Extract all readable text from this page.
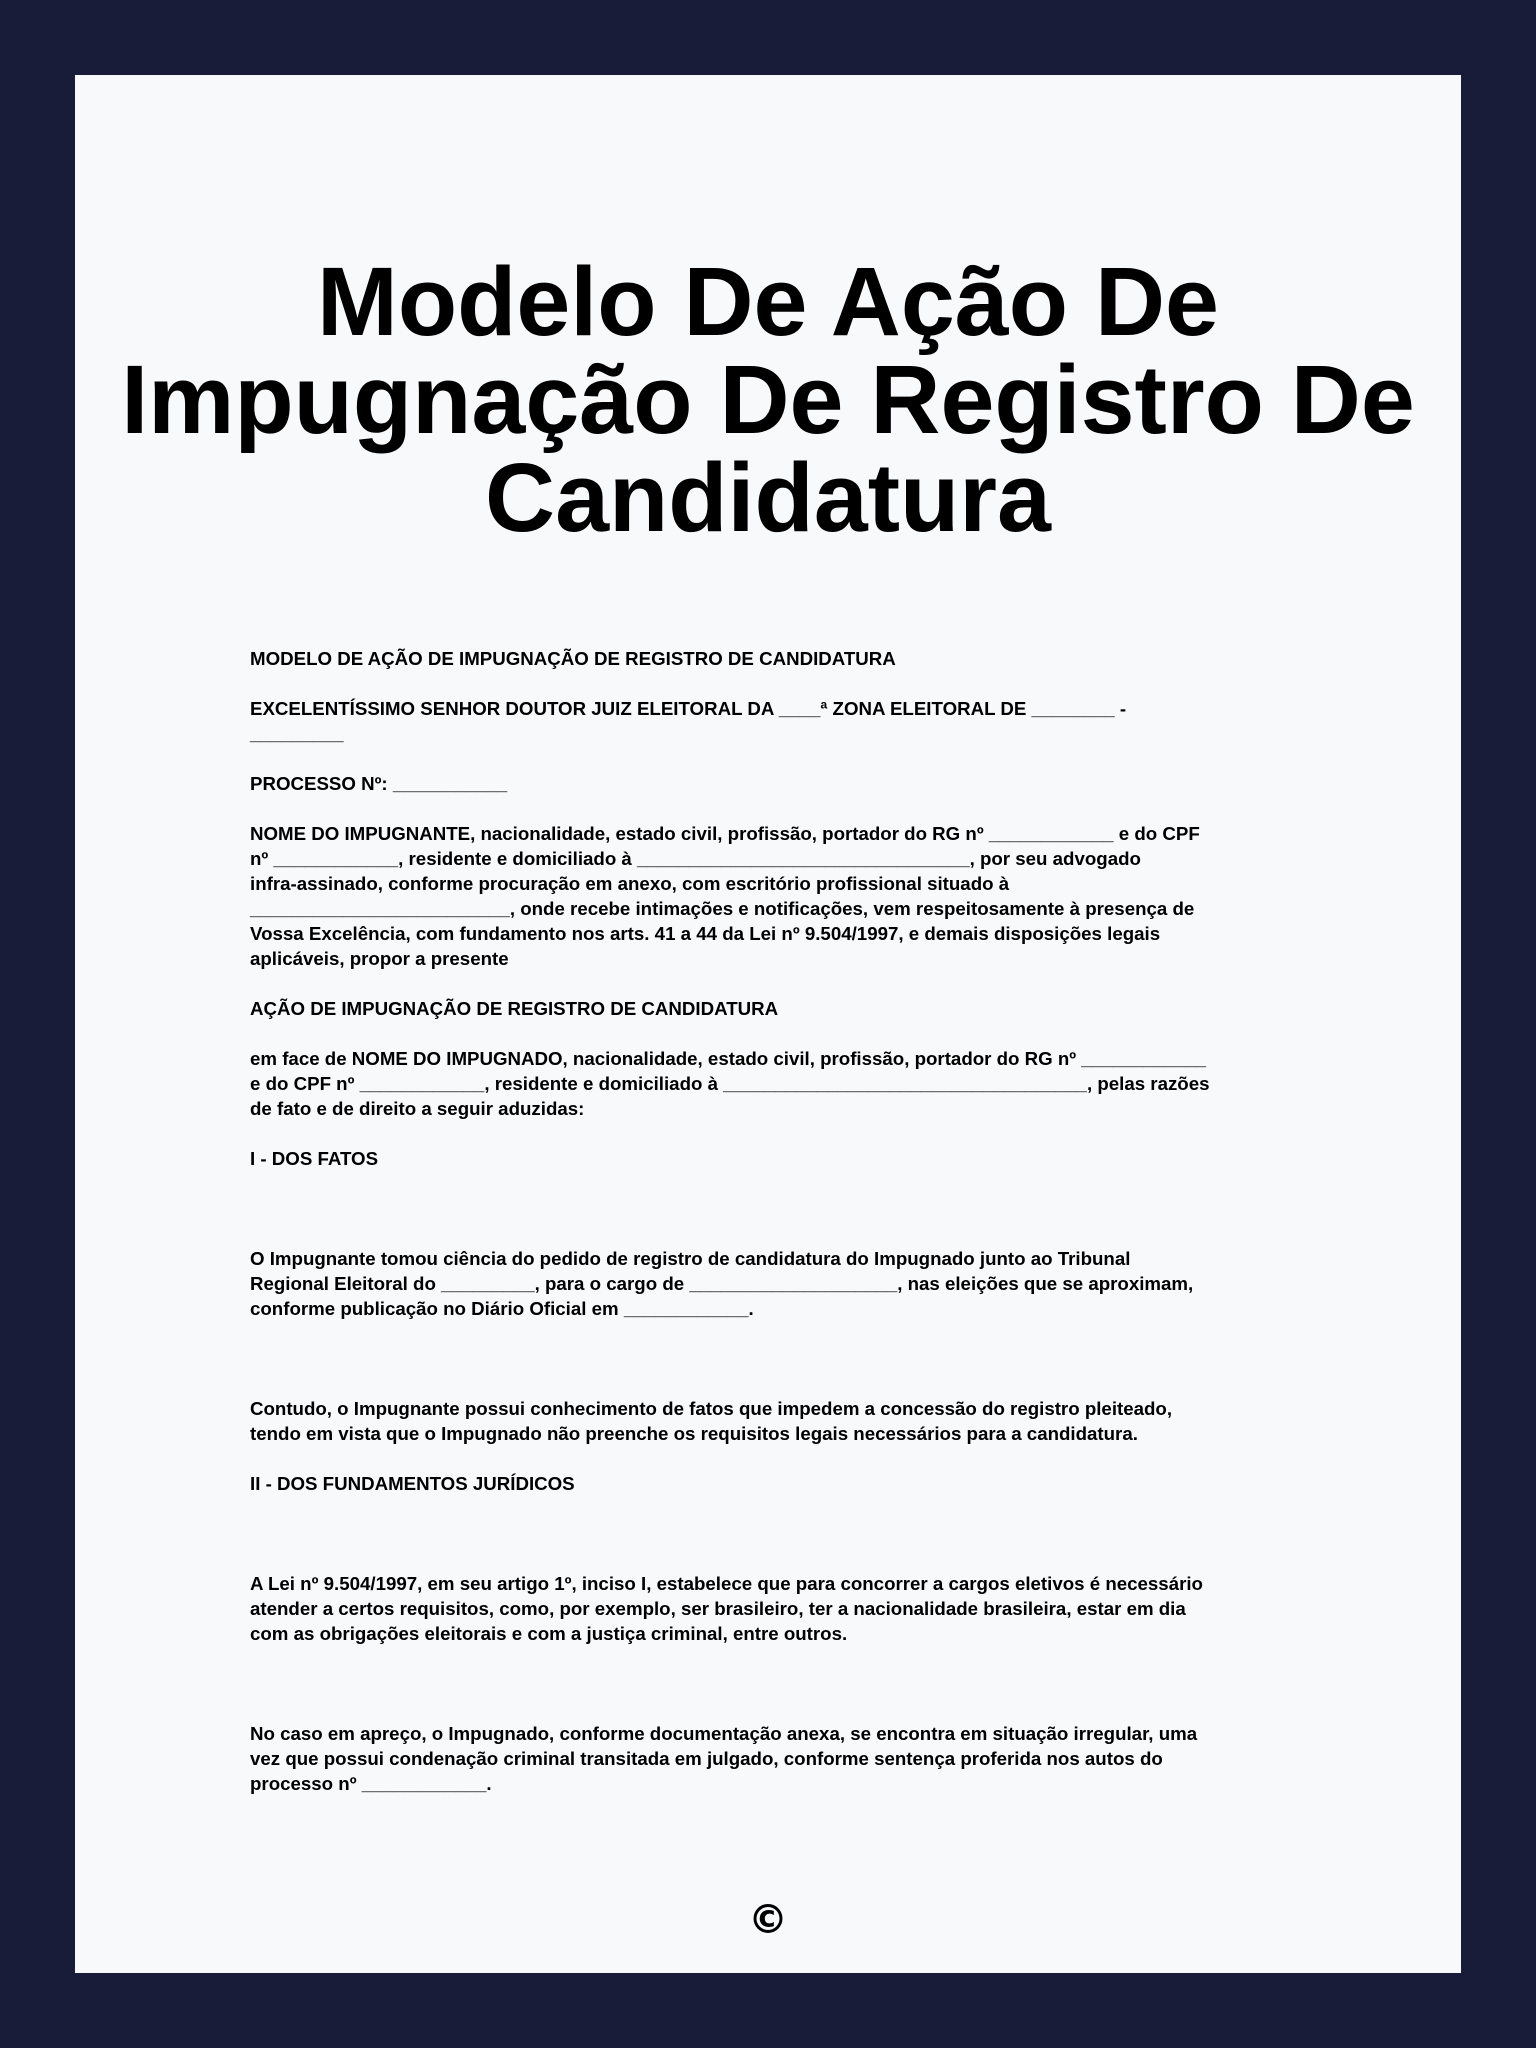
Modelo De Ação De
Impugnação De Registro De
Candidatura

MODELO DE AÇÃO DE IMPUGNAÇÃO DE REGISTRO DE CANDIDATURA

EXCELENTÍSSIMO SENHOR DOUTOR JUIZ ELEITORAL DA ____ª ZONA ELEITORAL DE ________ -
_________

PROCESSO Nº: ___________

NOME DO IMPUGNANTE, nacionalidade, estado civil, profissão, portador do RG nº ____________ e do CPF
nº ____________, residente e domiciliado à ________________________________, por seu advogado
infra-assinado, conforme procuração em anexo, com escritório profissional situado à
_________________________, onde recebe intimações e notificações, vem respeitosamente à presença de
Vossa Excelência, com fundamento nos arts. 41 a 44 da Lei nº 9.504/1997, e demais disposições legais
aplicáveis, propor a presente

AÇÃO DE IMPUGNAÇÃO DE REGISTRO DE CANDIDATURA

em face de NOME DO IMPUGNADO, nacionalidade, estado civil, profissão, portador do RG nº ____________
e do CPF nº ____________, residente e domiciliado à ___________________________________, pelas razões
de fato e de direito a seguir aduzidas:

I - DOS FATOS

O Impugnante tomou ciência do pedido de registro de candidatura do Impugnado junto ao Tribunal
Regional Eleitoral do _________, para o cargo de ____________________, nas eleições que se aproximam,
conforme publicação no Diário Oficial em ____________.

Contudo, o Impugnante possui conhecimento de fatos que impedem a concessão do registro pleiteado,
tendo em vista que o Impugnado não preenche os requisitos legais necessários para a candidatura.

II - DOS FUNDAMENTOS JURÍDICOS

A Lei nº 9.504/1997, em seu artigo 1º, inciso I, estabelece que para concorrer a cargos eletivos é necessário
atender a certos requisitos, como, por exemplo, ser brasileiro, ter a nacionalidade brasileira, estar em dia
com as obrigações eleitorais e com a justiça criminal, entre outros.

No caso em apreço, o Impugnado, conforme documentação anexa, se encontra em situação irregular, uma
vez que possui condenação criminal transitada em julgado, conforme sentença proferida nos autos do
processo nº ____________.

©
